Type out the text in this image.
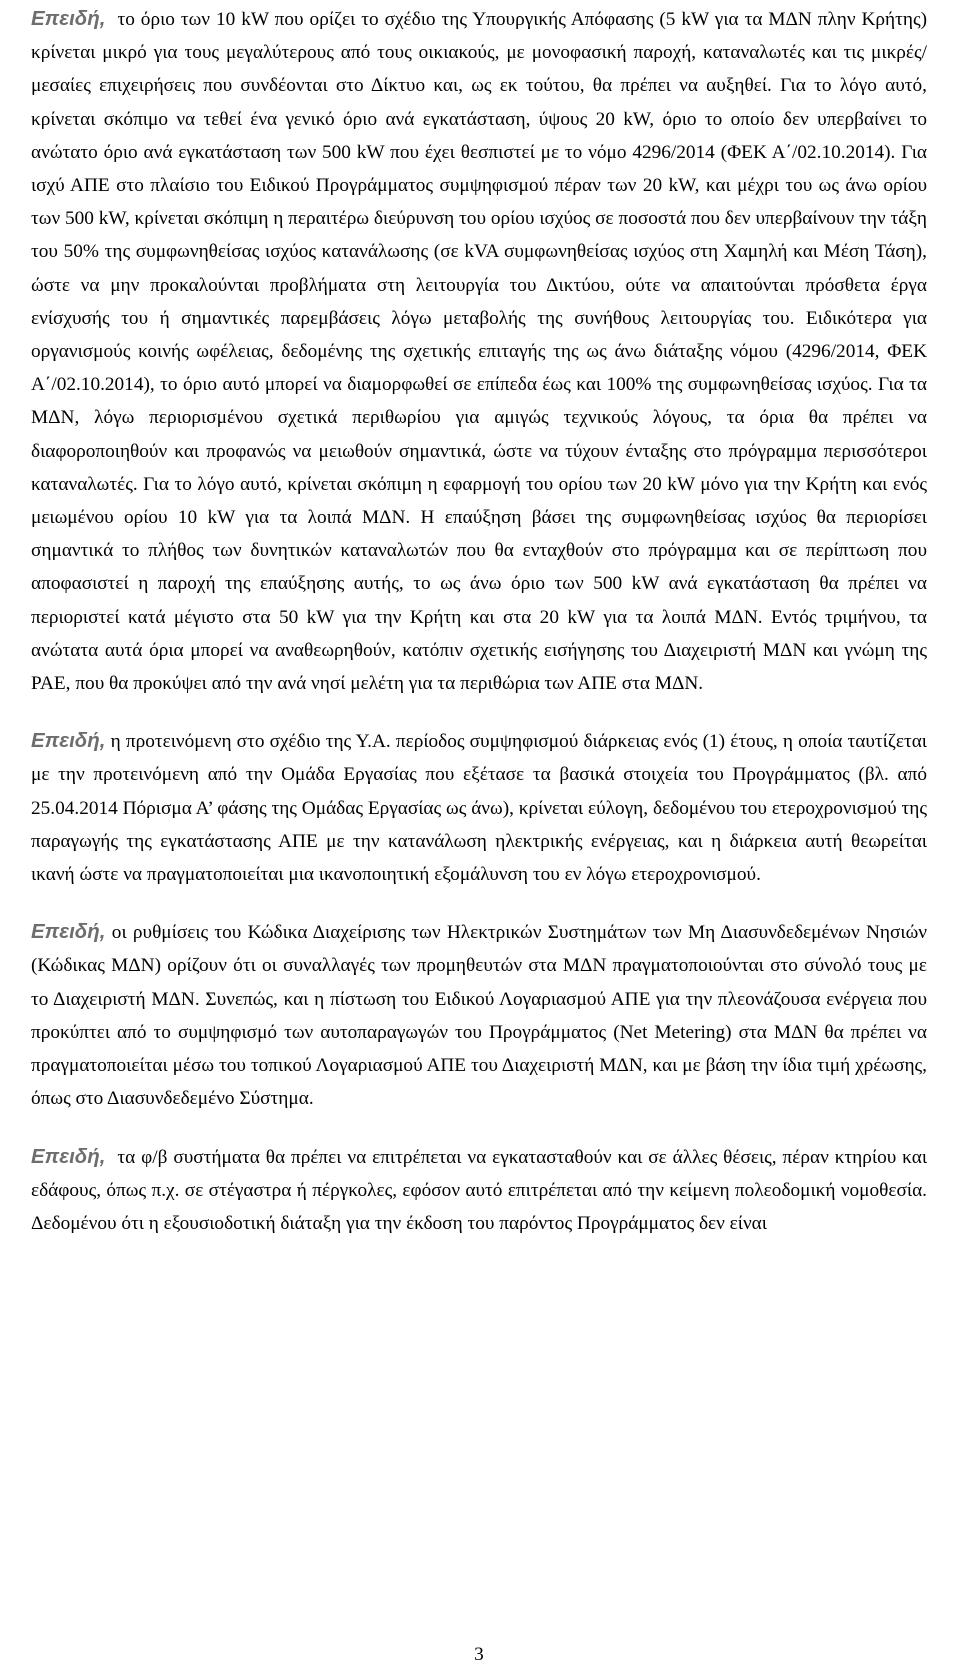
Επειδή, το όριο των 10 kW που ορίζει το σχέδιο της Υπουργικής Απόφασης (5 kW για τα ΜΔΝ πλην Κρήτης) κρίνεται μικρό για τους μεγαλύτερους από τους οικιακούς, με μονοφασική παροχή, καταναλωτές και τις μικρές/μεσαίες επιχειρήσεις που συνδέονται στο Δίκτυο και, ως εκ τούτου, θα πρέπει να αυξηθεί. Για το λόγο αυτό, κρίνεται σκόπιμο να τεθεί ένα γενικό όριο ανά εγκατάσταση, ύψους 20 kW, όριο το οποίο δεν υπερβαίνει το ανώτατο όριο ανά εγκατάσταση των 500 kW που έχει θεσπιστεί με το νόμο 4296/2014 (ΦΕΚ Α΄/02.10.2014). Για ισχύ ΑΠΕ στο πλαίσιο του Ειδικού Προγράμματος συμψηφισμού πέραν των 20 kW, και μέχρι του ως άνω ορίου των 500 kW, κρίνεται σκόπιμη η περαιτέρω διεύρυνση του ορίου ισχύος σε ποσοστά που δεν υπερβαίνουν την τάξη του 50% της συμφωνηθείσας ισχύος κατανάλωσης (σε kVA συμφωνηθείσας ισχύος στη Χαμηλή και Μέση Τάση), ώστε να μην προκαλούνται προβλήματα στη λειτουργία του Δικτύου, ούτε να απαιτούνται πρόσθετα έργα ενίσχυσής του ή σημαντικές παρεμβάσεις λόγω μεταβολής της συνήθους λειτουργίας του. Ειδικότερα για οργανισμούς κοινής ωφέλειας, δεδομένης της σχετικής επιταγής της ως άνω διάταξης νόμου (4296/2014, ΦΕΚ Α΄/02.10.2014), το όριο αυτό μπορεί να διαμορφωθεί σε επίπεδα έως και 100% της συμφωνηθείσας ισχύος. Για τα ΜΔΝ, λόγω περιορισμένου σχετικά περιθωρίου για αμιγώς τεχνικούς λόγους, τα όρια θα πρέπει να διαφοροποιηθούν και προφανώς να μειωθούν σημαντικά, ώστε να τύχουν ένταξης στο πρόγραμμα περισσότεροι καταναλωτές. Για το λόγο αυτό, κρίνεται σκόπιμη η εφαρμογή του ορίου των 20 kW μόνο για την Κρήτη και ενός μειωμένου ορίου 10 kW για τα λοιπά ΜΔΝ. Η επαύξηση βάσει της συμφωνηθείσας ισχύος θα περιορίσει σημαντικά το πλήθος των δυνητικών καταναλωτών που θα ενταχθούν στο πρόγραμμα και σε περίπτωση που αποφασιστεί η παροχή της επαύξησης αυτής, το ως άνω όριο των 500 kW ανά εγκατάσταση θα πρέπει να περιοριστεί κατά μέγιστο στα 50 kW για την Κρήτη και στα 20 kW για τα λοιπά ΜΔΝ. Εντός τριμήνου, τα ανώτατα αυτά όρια μπορεί να αναθεωρηθούν, κατόπιν σχετικής εισήγησης του Διαχειριστή ΜΔΝ και γνώμη της ΡΑΕ, που θα προκύψει από την ανά νησί μελέτη για τα περιθώρια των ΑΠΕ στα ΜΔΝ.

Επειδή, η προτεινόμενη στο σχέδιο της Υ.Α. περίοδος συμψηφισμού διάρκειας ενός (1) έτους, η οποία ταυτίζεται με την προτεινόμενη από την Ομάδα Εργασίας που εξέτασε τα βασικά στοιχεία του Προγράμματος (βλ. από 25.04.2014 Πόρισμα Α’ φάσης της Ομάδας Εργασίας ως άνω), κρίνεται εύλογη, δεδομένου του ετεροχρονισμού της παραγωγής της εγκατάστασης ΑΠΕ με την κατανάλωση ηλεκτρικής ενέργειας, και η διάρκεια αυτή θεωρείται ικανή ώστε να πραγματοποιείται μια ικανοποιητική εξομάλυνση του εν λόγω ετεροχρονισμού.

Επειδή, οι ρυθμίσεις του Κώδικα Διαχείρισης των Ηλεκτρικών Συστημάτων των Μη Διασυνδεδεμένων Νησιών (Κώδικας ΜΔΝ) ορίζουν ότι οι συναλλαγές των προμηθευτών στα ΜΔΝ πραγματοποιούνται στο σύνολό τους με το Διαχειριστή ΜΔΝ. Συνεπώς, και η πίστωση του Ειδικού Λογαριασμού ΑΠΕ για την πλεονάζουσα ενέργεια που προκύπτει από το συμψηφισμό των αυτοπαραγωγών του Προγράμματος (Net Metering) στα ΜΔΝ θα πρέπει να πραγματοποιείται μέσω του τοπικού Λογαριασμού ΑΠΕ του Διαχειριστή ΜΔΝ, και με βάση την ίδια τιμή χρέωσης, όπως στο Διασυνδεδεμένο Σύστημα.

Επειδή, τα φ/β συστήματα θα πρέπει να επιτρέπεται να εγκατασταθούν και σε άλλες θέσεις, πέραν κτηρίου και εδάφους, όπως π.χ. σε στέγαστρα ή πέργκολες, εφόσον αυτό επιτρέπεται από την κείμενη πολεοδομική νομοθεσία. Δεδομένου ότι η εξουσιοδοτική διάταξη για την έκδοση του παρόντος Προγράμματος δεν είναι

3
